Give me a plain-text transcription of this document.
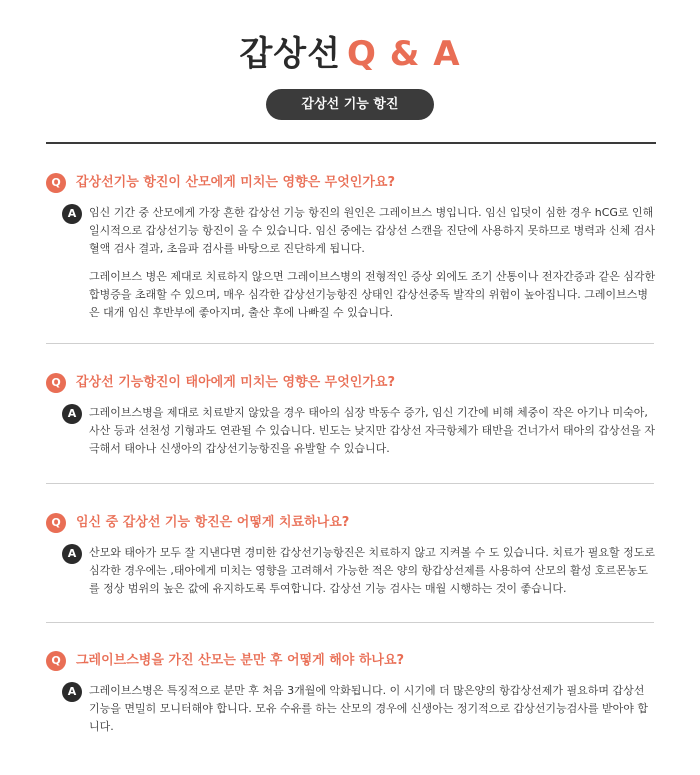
갑상선 Q & A
갑상선 기능 항진
Q	갑상선기능 항진이 산모에게 미치는 영향은 무엇인가요?
A	임신 기간 중 산모에게 가장 흔한 갑상선 기능 항진의 원인은 그레이브스 병입니다. 임신 입덧이 심한 경우 hCG로 인해 일시적으로 갑상선기능 항진이 올 수 있습니다. 임신 중에는 갑상선 스캔을 진단에 사용하지 못하므로 병력과 신체 검사 혈액 검사 결과, 초음파 검사를 바탕으로 진단하게 됩니다.

그레이브스 병은 제대로 치료하지 않으면 그레이브스병의 전형적인 증상 외에도 조기 산통이나 전자간증과 같은 심각한 합병증을 초래할 수 있으며, 매우 심각한 갑상선기능항진 상태인 갑상선중독 발작의 위험이 높아집니다. 그레이브스병은 대개 임신 후반부에 좋아지며, 출산 후에 나빠질 수 있습니다.

Q	갑상선 기능항진이 태아에게 미치는 영향은 무엇인가요?
A	그레이브스병을 제대로 치료받지 않았을 경우 태아의 심장 박동수 증가, 임신 기간에 비해 체중이 작은 아기나 미숙아, 사산 등과 선천성 기형과도 연관될 수 있습니다. 빈도는 낮지만 갑상선 자극항체가 태반을 건너가서 태아의 갑상선을 자극해서 태아나 신생아의 갑상선기능항진을 유발할 수 있습니다.

Q	임신 중 갑상선 기능 항진은 어떻게 치료하나요?
A	산모와 태아가 모두 잘 지낸다면 경미한 갑상선기능항진은 치료하지 않고 지켜볼 수 도 있습니다. 치료가 필요할 정도로 심각한 경우에는 ,태아에게 미치는 영향을 고려해서 가능한 적은 양의 항갑상선제를 사용하여 산모의 활성 호르몬농도를 정상 범위의 높은 값에 유지하도록 투여합니다. 갑상선 기능 검사는 매월 시행하는 것이 좋습니다.

Q	그레이브스병을 가진 산모는 분만 후 어떻게 해야 하나요?
A	그레이브스병은 특징적으로 분만 후 처음 3개월에 악화됩니다. 이 시기에 더 많은양의 항갑상선제가 필요하며 갑상선 기능을 면밀히 모니터해야 합니다. 모유 수유를 하는 산모의 경우에 신생아는 정기적으로 갑상선기능검사를 받아야 합니다.
